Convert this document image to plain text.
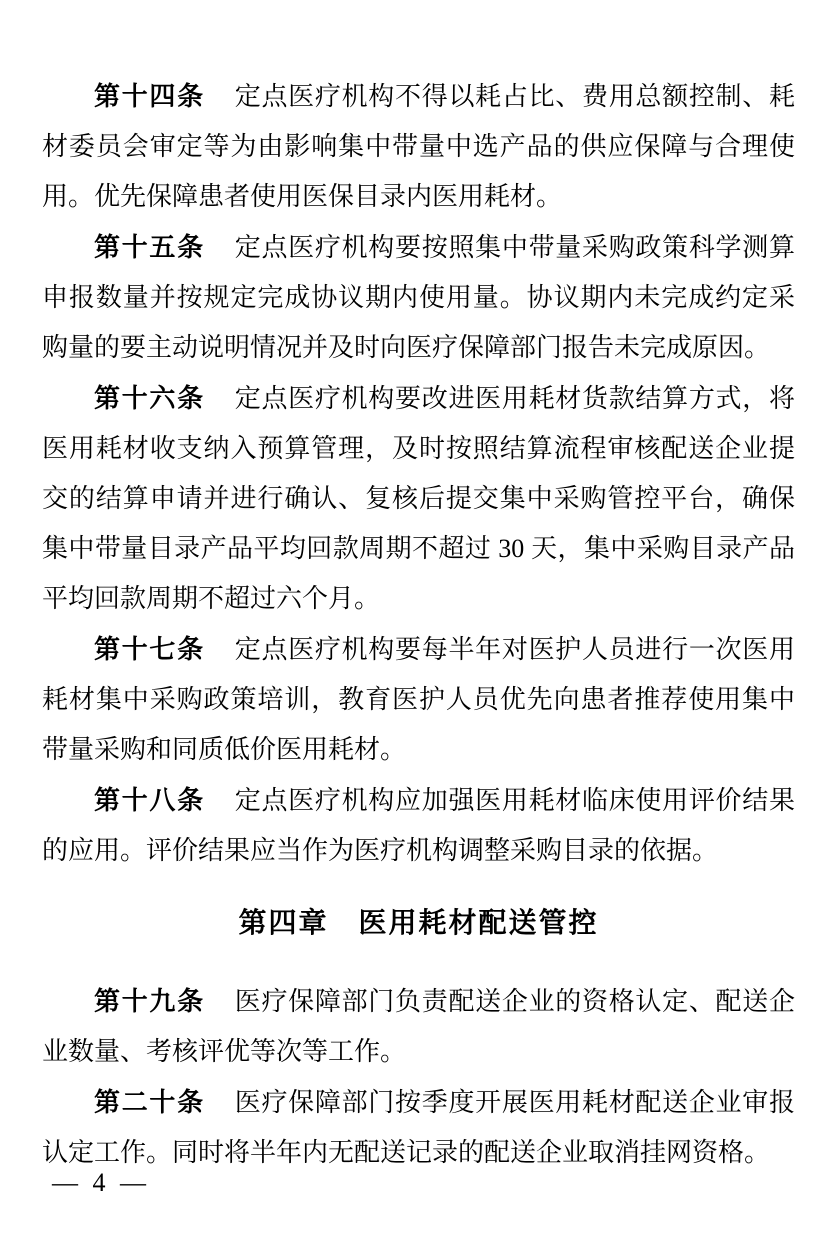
第十四条 定点医疗机构不得以耗占比、费用总额控制、耗材委员会审定等为由影响集中带量中选产品的供应保障与合理使用。优先保障患者使用医保目录内医用耗材。

第十五条 定点医疗机构要按照集中带量采购政策科学测算申报数量并按规定完成协议期内使用量。协议期内未完成约定采购量的要主动说明情况并及时向医疗保障部门报告未完成原因。

第十六条 定点医疗机构要改进医用耗材货款结算方式，将医用耗材收支纳入预算管理，及时按照结算流程审核配送企业提交的结算申请并进行确认、复核后提交集中采购管控平台，确保集中带量目录产品平均回款周期不超过 30 天，集中采购目录产品平均回款周期不超过六个月。

第十七条 定点医疗机构要每半年对医护人员进行一次医用耗材集中采购政策培训，教育医护人员优先向患者推荐使用集中带量采购和同质低价医用耗材。

第十八条 定点医疗机构应加强医用耗材临床使用评价结果的应用。评价结果应当作为医疗机构调整采购目录的依据。

第四章　医用耗材配送管控

第十九条 医疗保障部门负责配送企业的资格认定、配送企业数量、考核评优等次等工作。

第二十条 医疗保障部门按季度开展医用耗材配送企业审报认定工作。同时将半年内无配送记录的配送企业取消挂网资格。

— 4 —
